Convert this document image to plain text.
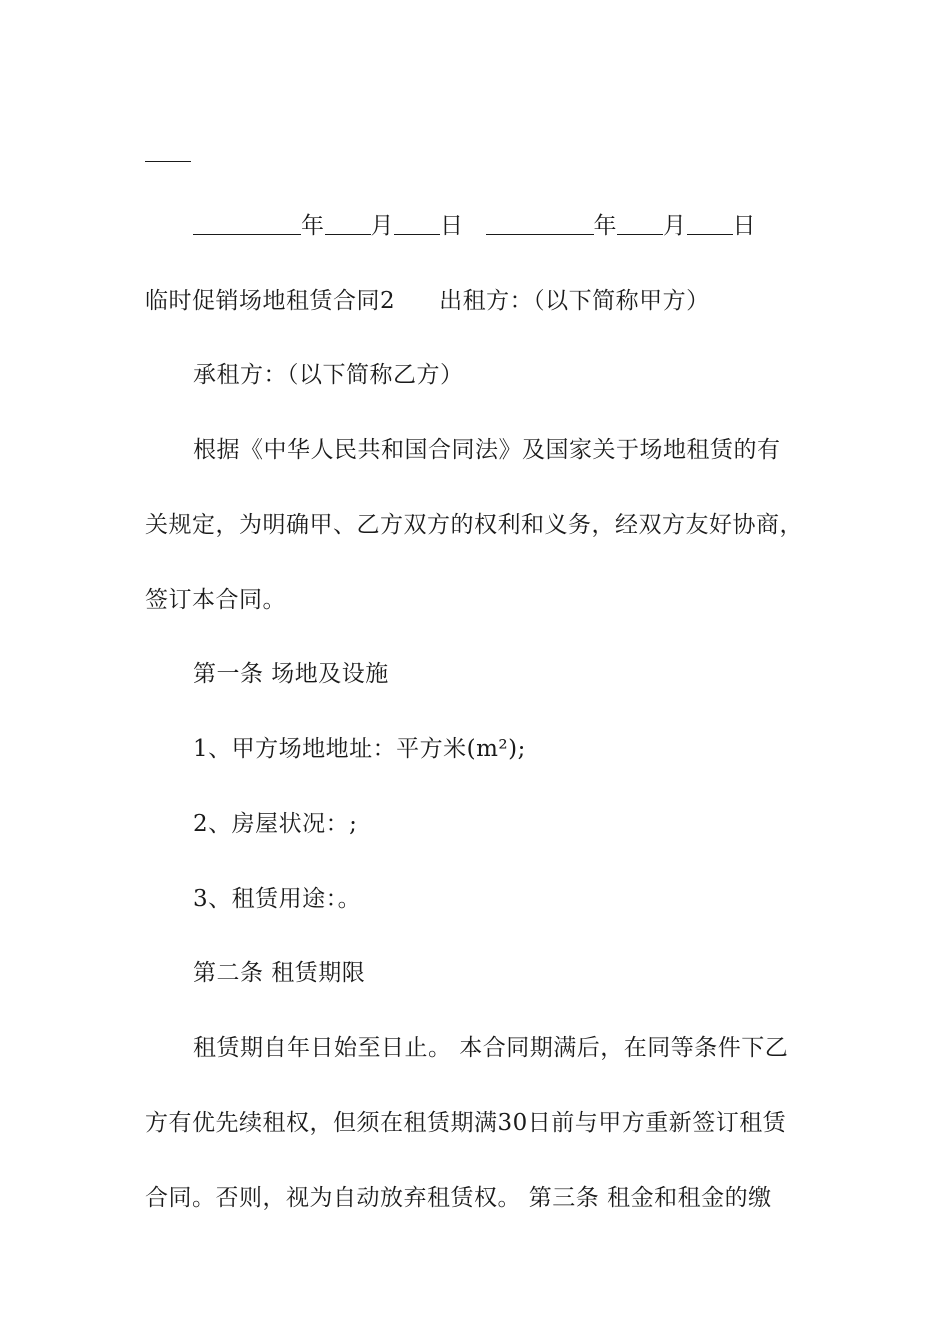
年 月 日	年 月 日
临时促销场地租赁合同2 出租方：（以下简称甲方）
承租方：（以下简称乙方）
根据《中华人民共和国合同法》及国家关于场地租赁的有
关规定，为明确甲、乙方双方的权利和义务，经双方友好协商，
签订本合同。
第一条 场地及设施
1、甲方场地地址：平方米(m²);
2、房屋状况：;
3、租赁用途：。
第二条 租赁期限
租赁期自年日始至日止。 本合同期满后，在同等条件下乙
方有优先续租权，但须在租赁期满30日前与甲方重新签订租赁
合同。否则，视为自动放弃租赁权。 第三条 租金和租金的缴
